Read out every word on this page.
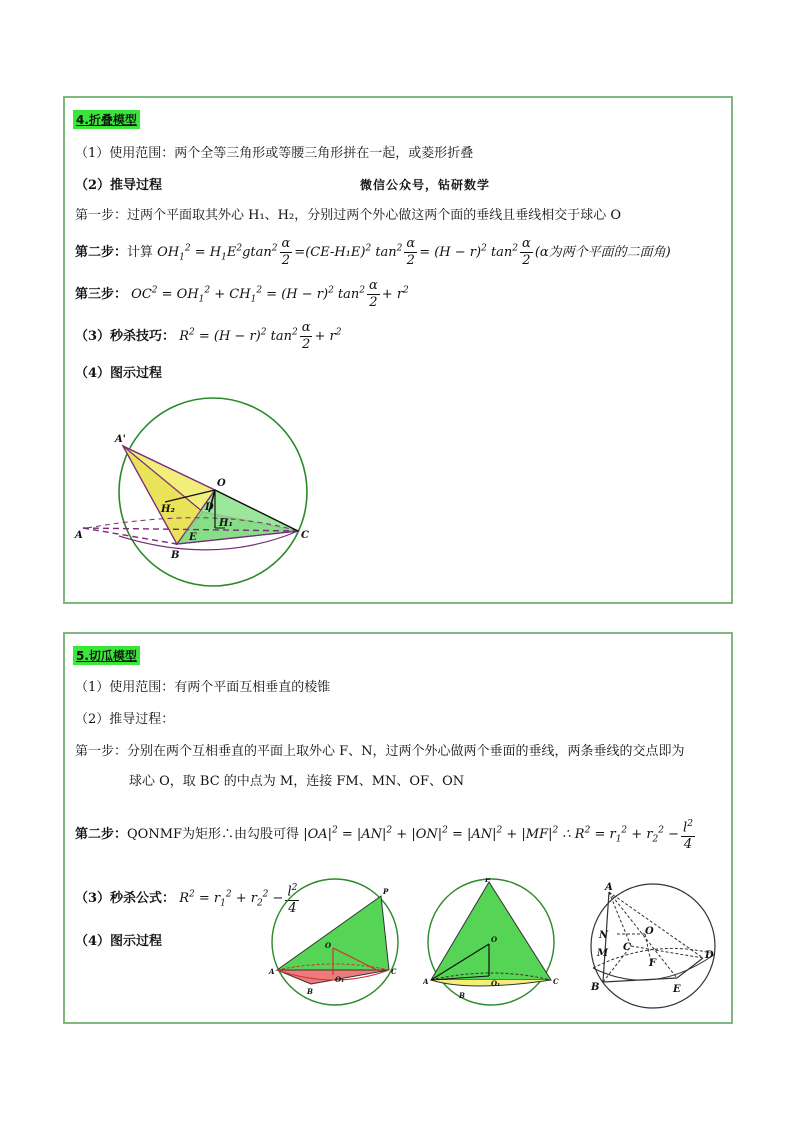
4.折叠模型
（1）使用范围：两个全等三角形或等腰三角形拼在一起，或菱形折叠
（2）推导过程	微信公众号，钻研数学
第一步：过两个平面取其外心 H₁、H₂，分别过两个外心做这两个面的垂线且垂线相交于球心 O
第二步：计算 $OH_1^2 = H_1E^2gtan^2 \frac{\alpha}{2} =(CE-H_1E)^2$ $\tan^2 \frac{\alpha}{2} = (H - r)^2$ $\tan^2 \frac{\alpha}{2} (\alpha$为两个平面的二面角)
第三步： $OC^2 = OH_1^2 + CH_1^2 = (H - r)^2$ $\tan^2 \frac{\alpha}{2} + r^2$
（3）秒杀技巧： $R^2 = (H - r)^2$ $\tan^2 \frac{\alpha}{2} + r^2$
（4）图示过程
A'
O
H₂	D
H₁
A	E
B
C
5.切瓜模型
（1）使用范围：有两个平面互相垂直的棱锥
（2）推导过程：
第一步：分别在两个互相垂直的平面上取外心 F、N，过两个外心做两个垂面的垂线，两条垂线的交点即为
球心 O，取 BC 的中点为 M，连接 FM、MN、OF、ON
第二步：QONMF为矩形∴由勾股可得 $|OA|^2 = |AN|^2 + |ON|^2 = |AN|^2 + |MF|^2$ ∴ $R^2 = r_1^2 + r_2^2 - \frac{l^2}{4}$
（3）秒杀公式： $R^2 = r_1^2 + r_2^2 - \frac{l^2}{4}$
（4）图示过程
P
O
A
O₁
C
B
P
O
A	O₁	C
B
A
N	O
C
M
F
D
B	E
